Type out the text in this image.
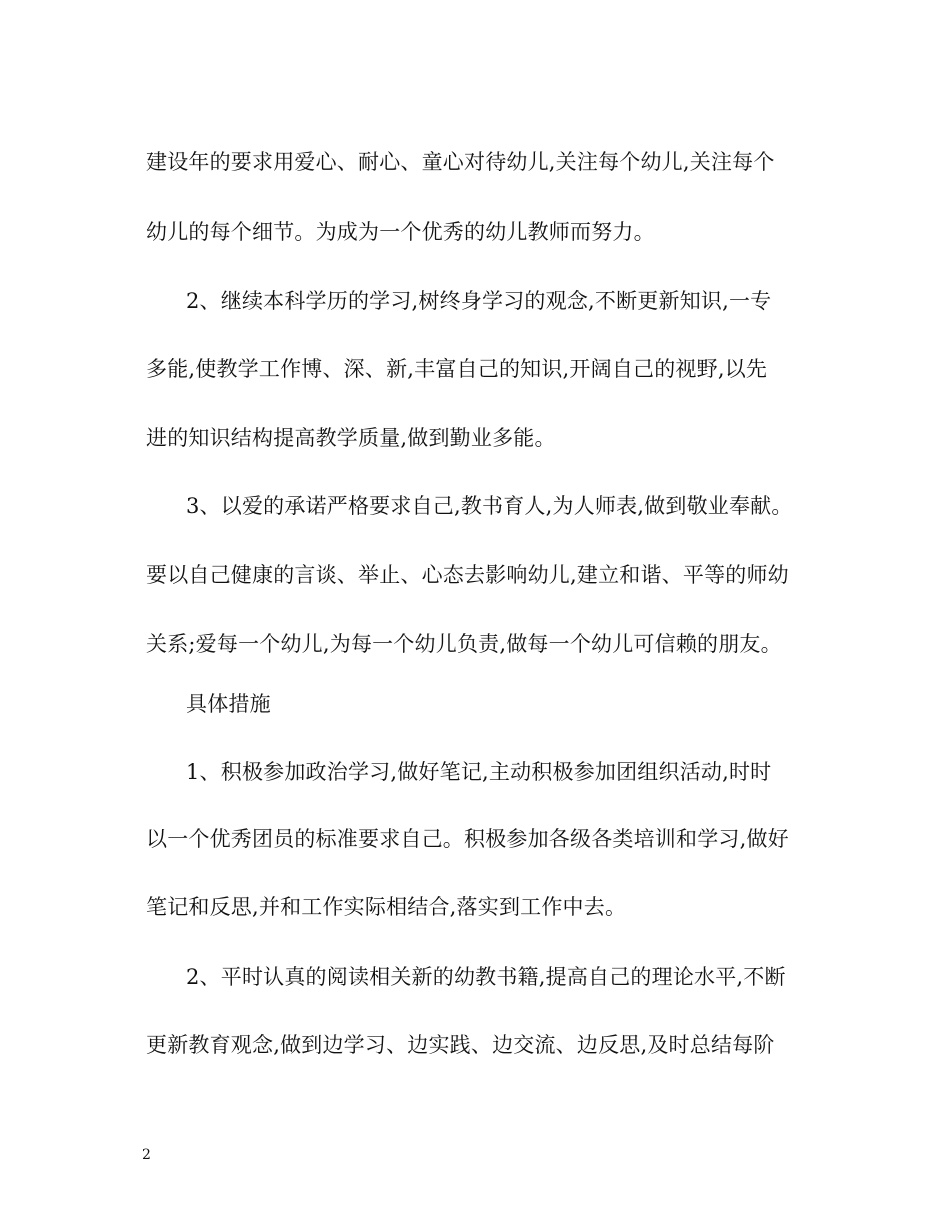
建设年的要求用爱心、耐心、童心对待幼儿,关注每个幼儿,关注每个
幼儿的每个细节。为成为一个优秀的幼儿教师而努力。
2、继续本科学历的学习,树终身学习的观念,不断更新知识,一专
多能,使教学工作博、深、新,丰富自己的知识,开阔自己的视野,以先
进的知识结构提高教学质量,做到勤业多能。
3、以爱的承诺严格要求自己,教书育人,为人师表,做到敬业奉献。
要以自己健康的言谈、举止、心态去影响幼儿,建立和谐、平等的师幼
关系;爱每一个幼儿,为每一个幼儿负责,做每一个幼儿可信赖的朋友。
具体措施
1、积极参加政治学习,做好笔记,主动积极参加团组织活动,时时
以一个优秀团员的标准要求自己。积极参加各级各类培训和学习,做好
笔记和反思,并和工作实际相结合,落实到工作中去。
2、平时认真的阅读相关新的幼教书籍,提高自己的理论水平,不断
更新教育观念,做到边学习、边实践、边交流、边反思,及时总结每阶
2
